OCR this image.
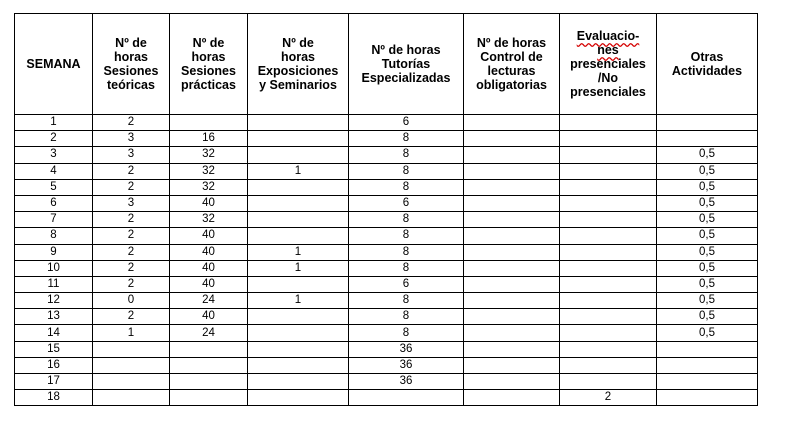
SEMANA	Nº de
horas
Sesiones
teóricas	Nº de
horas
Sesiones
prácticas	Nº de
horas
Exposiciones
y Seminarios	Nº de horas
Tutorías
Especializadas	Nº de horas
Control de
lecturas
obligatorias	Evaluacio-
nes
presenciales
/No
presenciales	Otras
Actividades

1	2			6			
2	3	16		8			
3	3	32		8			0,5
4	2	32	1	8			0,5
5	2	32		8			0,5
6	3	40		6			0,5
7	2	32		8			0,5
8	2	40		8			0,5
9	2	40	1	8			0,5
10	2	40	1	8			0,5
11	2	40		6			0,5
12	0	24	1	8			0,5
13	2	40		8			0,5
14	1	24		8			0,5
15				36			
16				36			
17				36			
18						2	
